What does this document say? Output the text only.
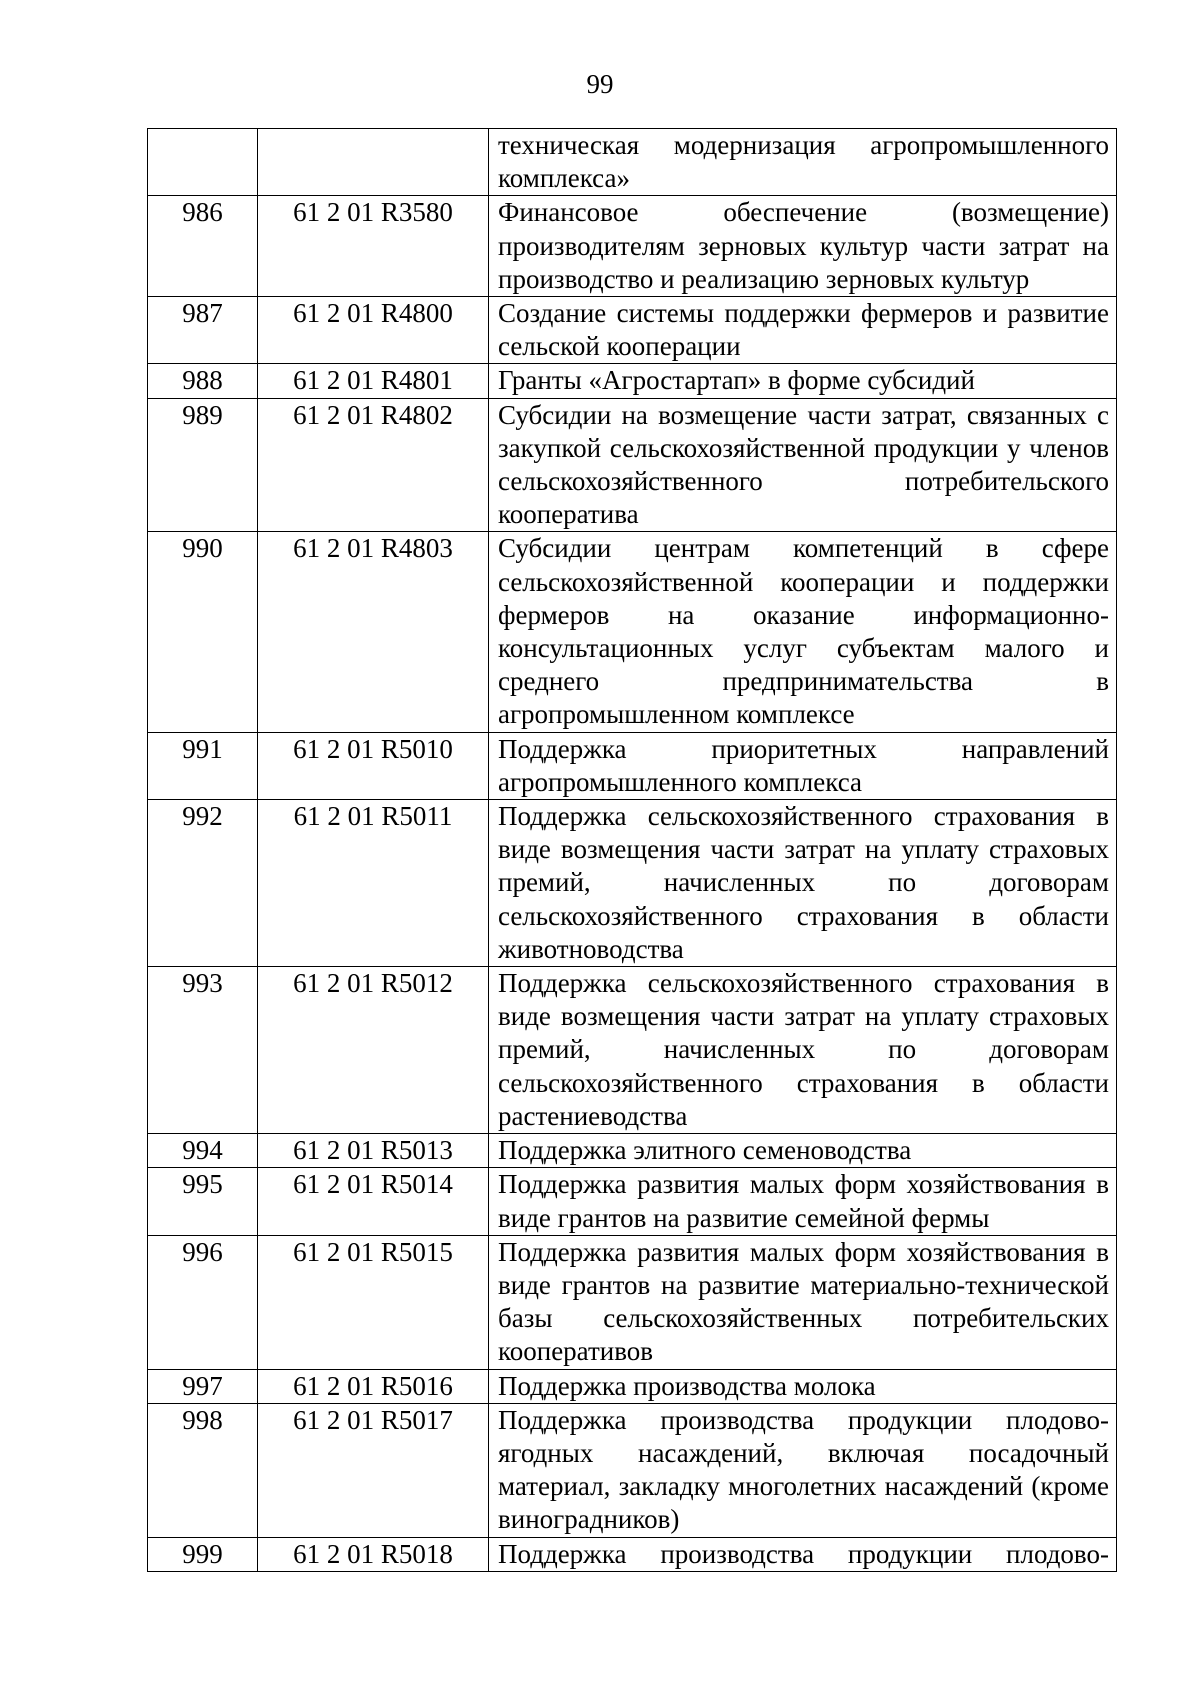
99
		техническая модернизация агропромышленного комплекса»
986	61 2 01 R3580	Финансовое обеспечение (возмещение) производителям зерновых культур части затрат на производство и реализацию зерновых культур
987	61 2 01 R4800	Создание системы поддержки фермеров и развитие сельской кооперации
988	61 2 01 R4801	Гранты «Агростартап» в форме субсидий
989	61 2 01 R4802	Субсидии на возмещение части затрат, связанных с закупкой сельскохозяйственной продукции у членов сельскохозяйственного потребительского кооператива
990	61 2 01 R4803	Субсидии центрам компетенций в сфере сельскохозяйственной кооперации и поддержки фермеров на оказание информационно-консультационных услуг субъектам малого и среднего предпринимательства в агропромышленном комплексе
991	61 2 01 R5010	Поддержка приоритетных направлений агропромышленного комплекса
992	61 2 01 R5011	Поддержка сельскохозяйственного страхования в виде возмещения части затрат на уплату страховых премий, начисленных по договорам сельскохозяйственного страхования в области животноводства
993	61 2 01 R5012	Поддержка сельскохозяйственного страхования в виде возмещения части затрат на уплату страховых премий, начисленных по договорам сельскохозяйственного страхования в области растениеводства
994	61 2 01 R5013	Поддержка элитного семеноводства
995	61 2 01 R5014	Поддержка развития малых форм хозяйствования в виде грантов на развитие семейной фермы
996	61 2 01 R5015	Поддержка развития малых форм хозяйствования в виде грантов на развитие материально-технической базы сельскохозяйственных потребительских кооперативов
997	61 2 01 R5016	Поддержка производства молока
998	61 2 01 R5017	Поддержка производства продукции плодово-ягодных насаждений, включая посадочный материал, закладку многолетних насаждений (кроме виноградников)
999	61 2 01 R5018	Поддержка производства продукции плодово-
